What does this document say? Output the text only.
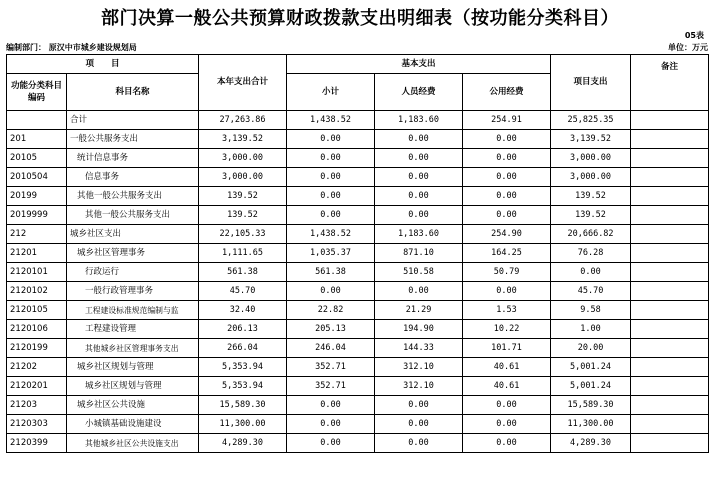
部门决算一般公共预算财政拨款支出明细表（按功能分类科目）
05表
编制部门： 原汉中市城乡建设规划局	单位：万元
项　　目		本年支出合计	基本支出			项目支出	备注
功能分类科目编码	科目名称		小计	人员经费	公用经费		

	合计	27,263.86	1,438.52	1,183.60	254.91	25,825.35	
201	一般公共服务支出	3,139.52	0.00	0.00	0.00	3,139.52	
20105	统计信息事务	3,000.00	0.00	0.00	0.00	3,000.00	
2010504	信息事务	3,000.00	0.00	0.00	0.00	3,000.00	
20199	其他一般公共服务支出	139.52	0.00	0.00	0.00	139.52	
2019999	其他一般公共服务支出	139.52	0.00	0.00	0.00	139.52	
212	城乡社区支出	22,105.33	1,438.52	1,183.60	254.90	20,666.82	
21201	城乡社区管理事务	1,111.65	1,035.37	871.10	164.25	76.28	
2120101	行政运行	561.38	561.38	510.58	50.79	0.00	
2120102	一般行政管理事务	45.70	0.00	0.00	0.00	45.70	
2120105	工程建设标准规范编制与监	32.40	22.82	21.29	1.53	9.58	
2120106	工程建设管理	206.13	205.13	194.90	10.22	1.00	
2120199	其他城乡社区管理事务支出	266.04	246.04	144.33	101.71	20.00	
21202	城乡社区规划与管理	5,353.94	352.71	312.10	40.61	5,001.24	
2120201	城乡社区规划与管理	5,353.94	352.71	312.10	40.61	5,001.24	
21203	城乡社区公共设施	15,589.30	0.00	0.00	0.00	15,589.30	
2120303	小城镇基础设施建设	11,300.00	0.00	0.00	0.00	11,300.00	
2120399	其他城乡社区公共设施支出	4,289.30	0.00	0.00	0.00	4,289.30	
